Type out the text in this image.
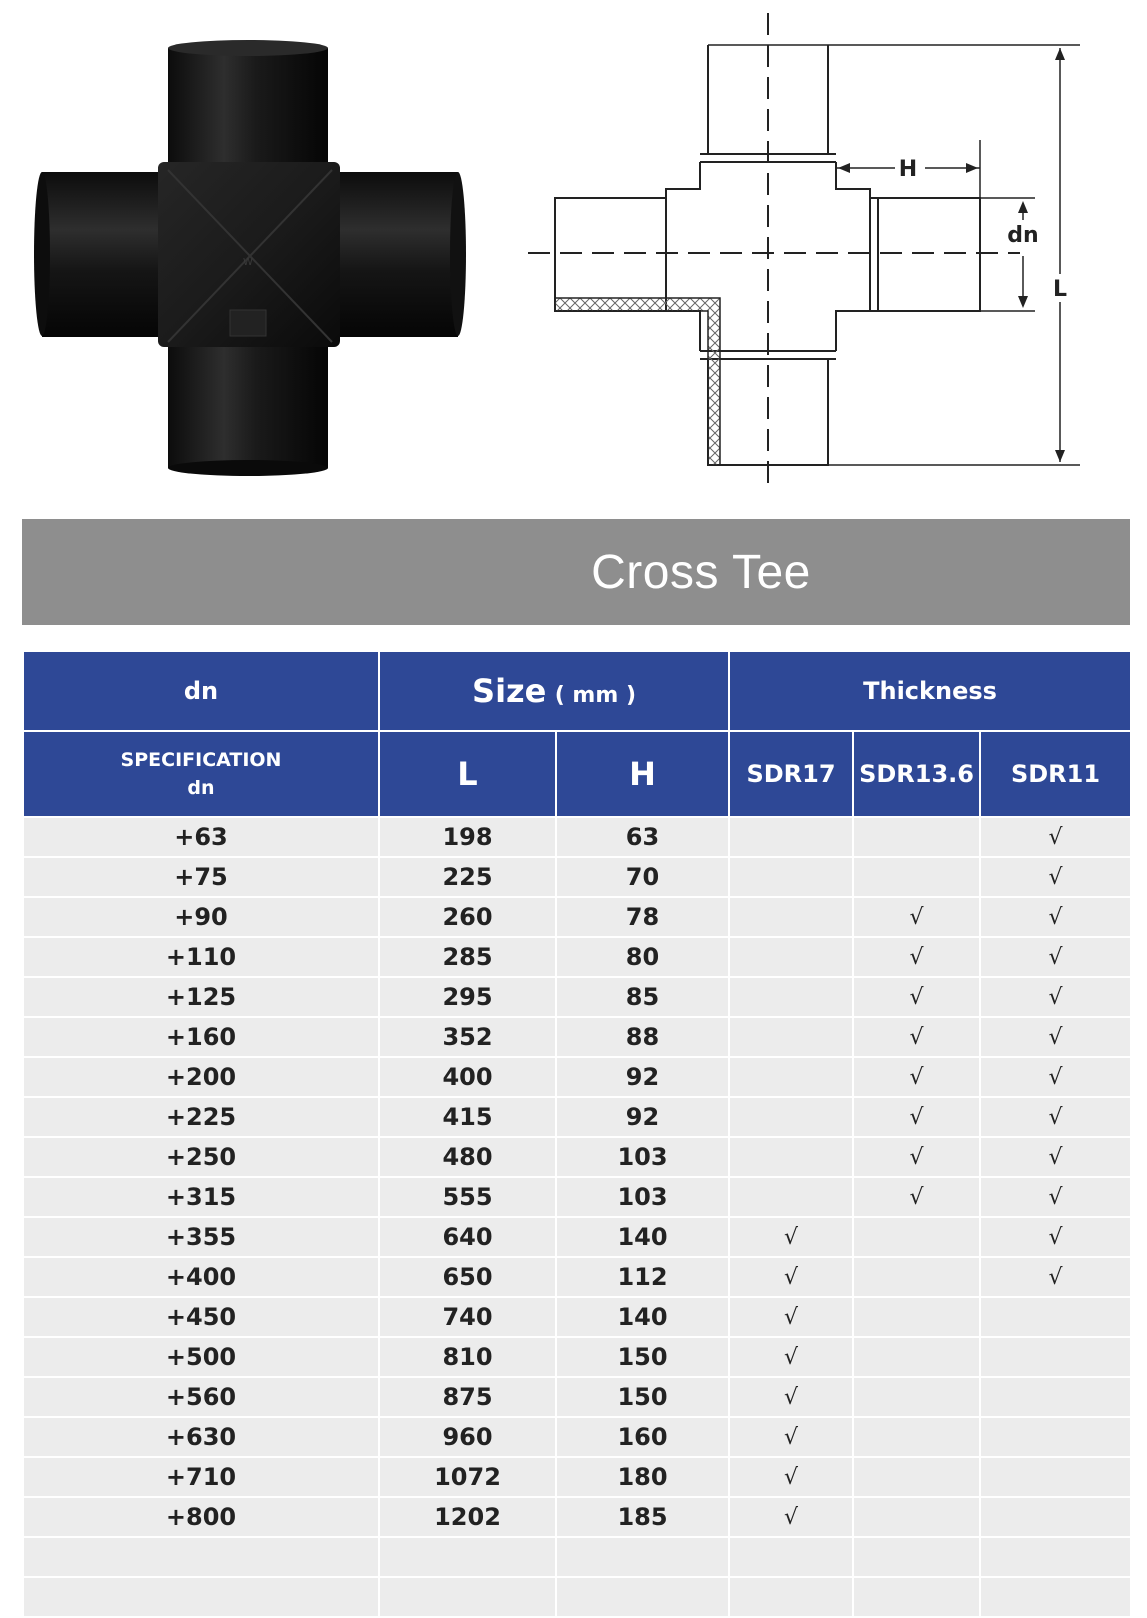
W
H
dn
L
Cross Tee
dn	Size ( mm )		Thickness		

SPECIFICATION
dn	L	H	SDR17	SDR13.6	SDR11
+63	198	63			√
+75	225	70			√
+90	260	78		√	√
+110	285	80		√	√
+125	295	85		√	√
+160	352	88		√	√
+200	400	92		√	√
+225	415	92		√	√
+250	480	103		√	√
+315	555	103		√	√
+355	640	140	√		√
+400	650	112	√		√
+450	740	140	√		
+500	810	150	√		
+560	875	150	√		
+630	960	160	√		
+710	1072	180	√		
+800	1202	185	√		
